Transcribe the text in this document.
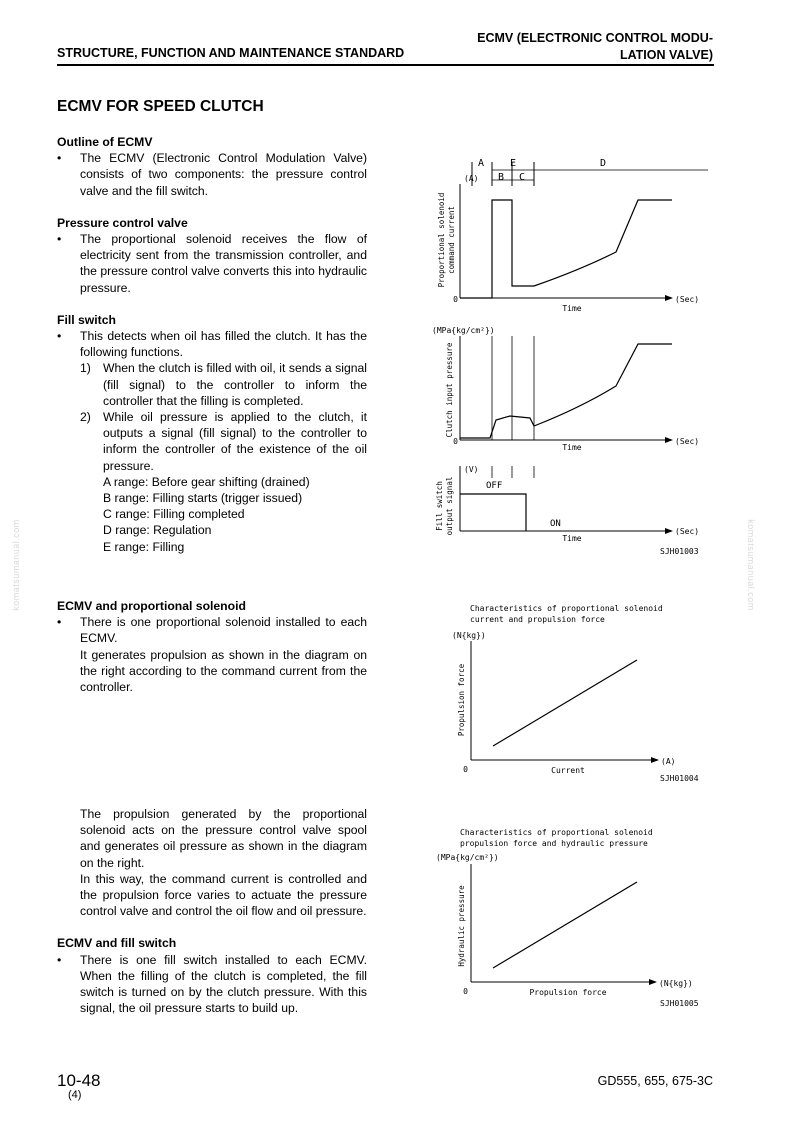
STRUCTURE, FUNCTION AND MAINTENANCE STANDARD
ECMV (ELECTRONIC CONTROL MODU-
LATION VALVE)
ECMV FOR SPEED CLUTCH
komatsumanual.com	komatsumanual.com
Outline of ECMV
• The ECMV (Electronic Control Modulation Valve) consists of two components: the pressure control valve and the fill switch.
Pressure control valve
• The proportional solenoid receives the flow of electricity sent from the transmission controller, and the pressure control valve converts this into hydraulic pressure.
Fill switch
• This detects when oil has filled the clutch. It has the following functions.
1) When the clutch is filled with oil, it sends a signal (fill signal) to the controller to inform the controller that the filling is completed.
2) While oil pressure is applied to the clutch, it outputs a signal (fill signal) to the controller to inform the controller of the existence of the oil pressure.
A range: Before gear shifting (drained)
B range: Filling starts (trigger issued)
C range: Filling completed
D range: Regulation
E range: Filling
ECMV and proportional solenoid
• There is one proportional solenoid installed to each ECMV.
It generates propulsion as shown in the diagram on the right according to the command current from the controller.
The propulsion generated by the proportional solenoid acts on the pressure control valve spool and generates oil pressure as shown in the diagram on the right.
In this way, the command current is controlled and the propulsion force varies to actuate the pressure control valve and control the oil flow and oil pressure.
ECMV and fill switch
• There is one fill switch installed to each ECMV. When the filling of the clutch is completed, the fill switch is turned on by the clutch pressure. With this signal, the oil pressure starts to build up.
A	E
B C
D
(A)
0	(Sec)
Time
Proportional solenoid command current
(MPa{kg/cm²})
0	(Sec)
Time
Clutch input pressure
(V)
OFF
ON
(Sec)
Time
Fill switch output signal
SJH01003
Characteristics of proportional solenoid
current and propulsion force
(N{kg})
0
(A)
Current
Propulsion force
SJH01004
Characteristics of proportional solenoid
propulsion force and hydraulic pressure
(MPa{kg/cm²})
0
(N{kg})
Propulsion force
Hydraulic pressure
SJH01005
10-48
(4)
GD555, 655, 675-3C
